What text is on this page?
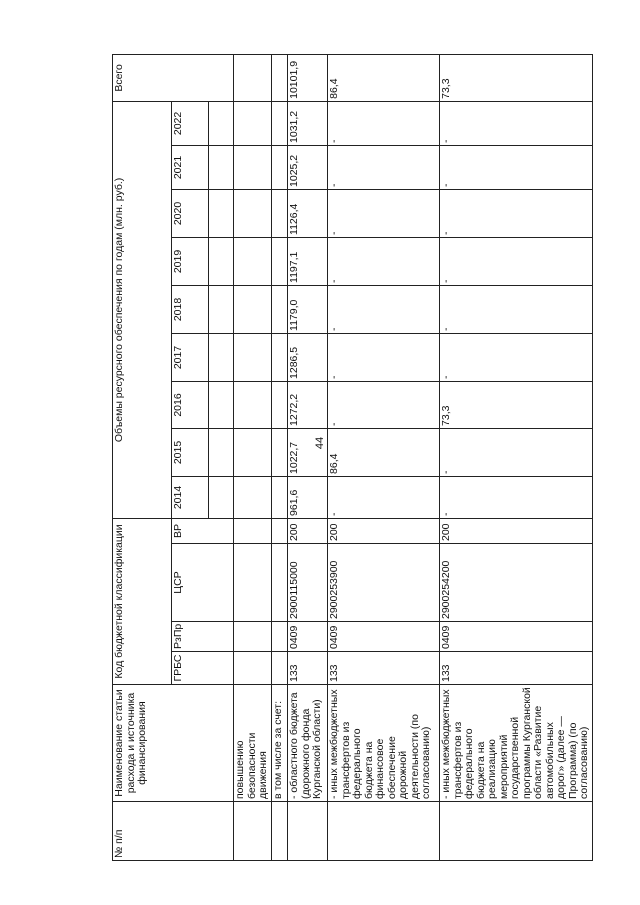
44
№ п/п	Наименование статьи расхода и источника финансирования	Код бюджетной классификации				Объемы ресурсного обеспечения по годам (млн. руб.)									Всего
		ГРБС	РзПр	ЦСР	ВР	2014	2015	2016	2017	2018	2019	2020	2021	2022	

	повышению безопасности движения														
	в том числе за счет:														
	- областного бюджета (дорожного фонда Курганской области)	133	0409	2900115000	200	961,6	1022,7	1272,2	1286,5	1179,0	1197,1	1126,4	1025,2	1031,2	10101,9
	- иных межбюджетных трансфертов из федерального бюджета на финансовое обеспечение дорожной деятельности (по согласованию)	133	0409	2900253900	200	-	86,4	-	-	-	-	-	-	-	86,4
	- иных межбюджетных трансфертов из федерального бюджета на реализацию мероприятий государственной программы Курганской области «Развитие автомобильных дорог» (далее — Программа) (по согласованию)	133	0409	2900254200	200	-	-	73,3	-	-	-	-	-	-	73,3
